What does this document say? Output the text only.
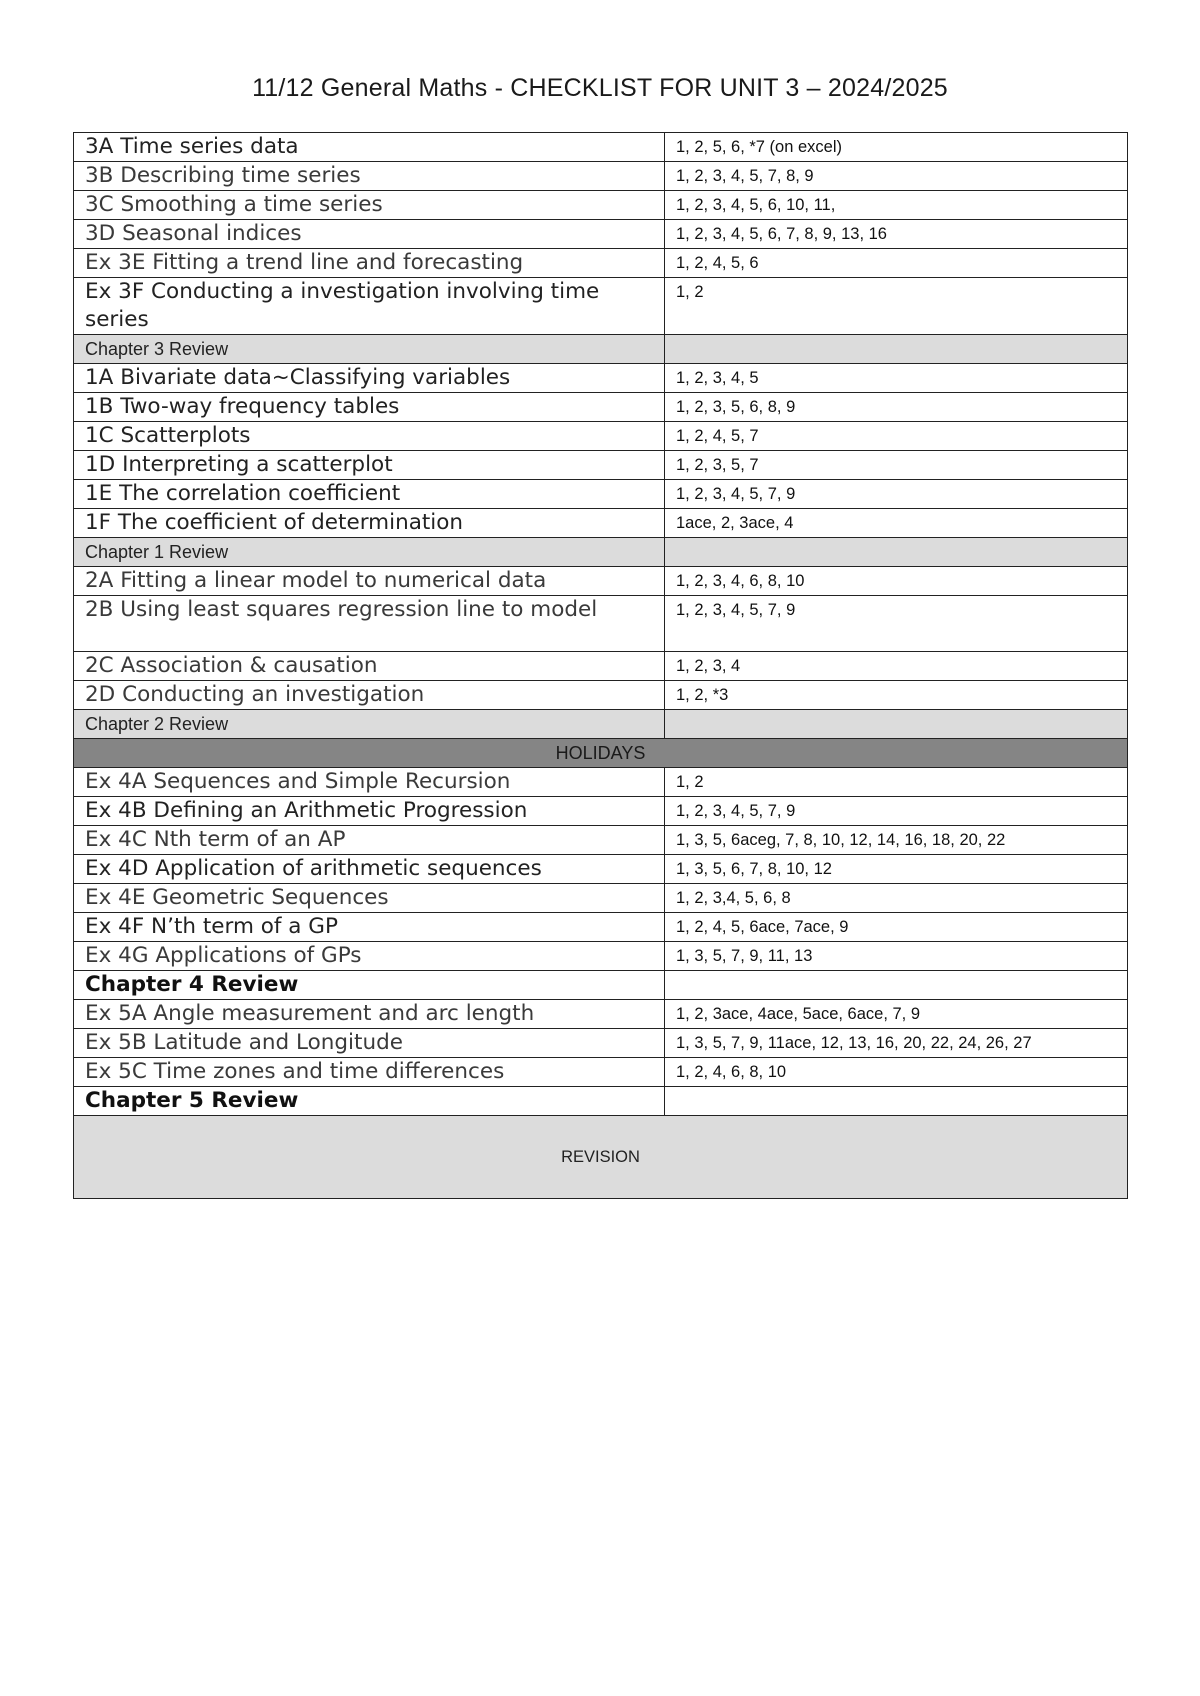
11/12 General Maths - CHECKLIST FOR UNIT 3 – 2024/2025
3A Time series data	1, 2, 5, 6, *7 (on excel)
3B Describing time series	1, 2, 3, 4, 5, 7, 8, 9
3C Smoothing a time series	1, 2, 3, 4, 5, 6, 10, 11,
3D Seasonal indices	1, 2, 3, 4, 5, 6, 7, 8, 9, 13, 16
Ex 3E Fitting a trend line and forecasting	1, 2, 4, 5, 6
Ex 3F Conducting a investigation involving time series	1, 2
Chapter 3 Review	
1A Bivariate data~Classifying variables	1, 2, 3, 4, 5
1B Two-way frequency tables	1, 2, 3, 5, 6, 8, 9
1C Scatterplots	1, 2, 4, 5, 7
1D Interpreting a scatterplot	1, 2, 3, 5, 7
1E The correlation coefficient	1, 2, 3, 4, 5, 7, 9
1F The coefficient of determination	1ace, 2, 3ace, 4
Chapter 1 Review	
2A Fitting a linear model to numerical data	1, 2, 3, 4, 6, 8, 10
2B Using least squares regression line to model	1, 2, 3, 4, 5, 7, 9
2C Association & causation	1, 2, 3, 4
2D Conducting an investigation	1, 2, *3
Chapter 2 Review	
HOLIDAYS	
Ex 4A Sequences and Simple Recursion	1, 2
Ex 4B Defining an Arithmetic Progression	1, 2, 3, 4, 5, 7, 9
Ex 4C Nth term of an AP	1, 3, 5, 6aceg, 7, 8, 10, 12, 14, 16, 18, 20, 22
Ex 4D Application of arithmetic sequences	1, 3, 5, 6, 7, 8, 10, 12
Ex 4E Geometric Sequences	1, 2, 3,4, 5, 6, 8
Ex 4F N’th term of a GP	1, 2, 4, 5, 6ace, 7ace, 9
Ex 4G Applications of GPs	1, 3, 5, 7, 9, 11, 13
Chapter 4 Review	
Ex 5A Angle measurement and arc length	1, 2, 3ace, 4ace, 5ace, 6ace, 7, 9
Ex 5B Latitude and Longitude	1, 3, 5, 7, 9, 11ace, 12, 13, 16, 20, 22, 24, 26, 27
Ex 5C Time zones and time differences	1, 2, 4, 6, 8, 10
Chapter 5 Review	
REVISION	
